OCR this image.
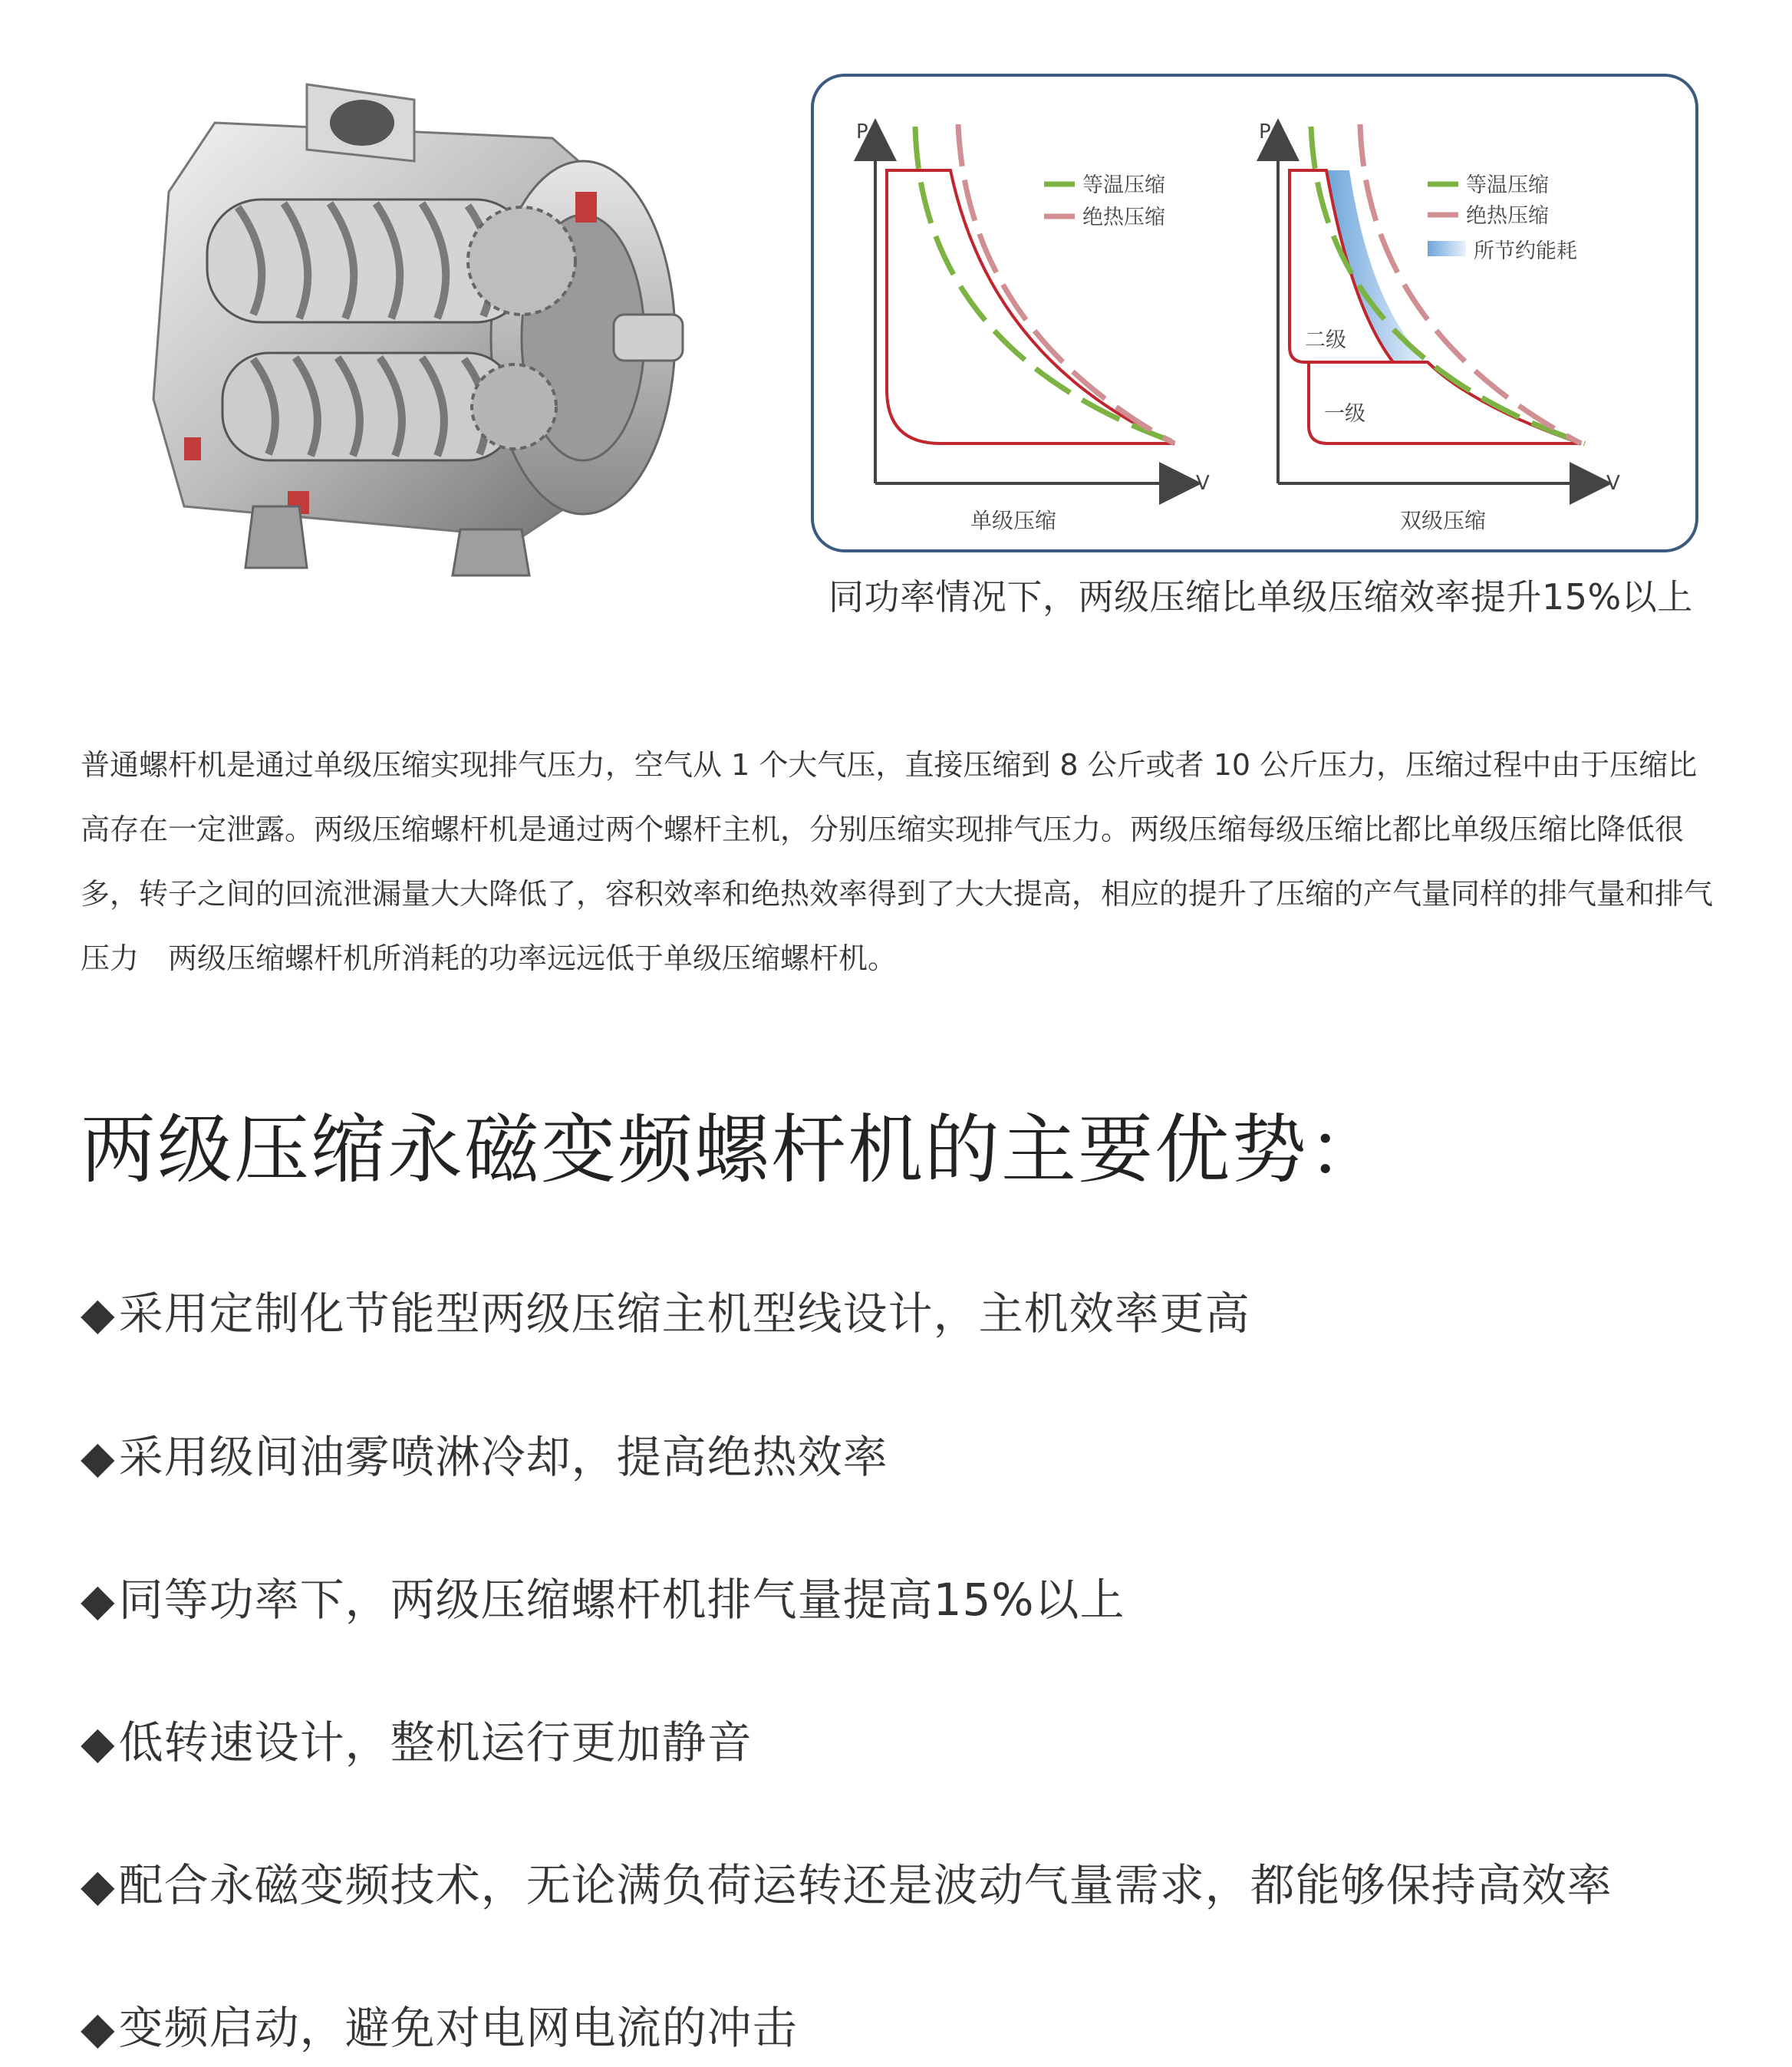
P
V
等温压缩
绝热压缩
单级压缩
P
V
二级
一级
等温压缩
绝热压缩
所节约能耗
双级压缩
同功率情况下，两级压缩比单级压缩效率提升15%以上
普通螺杆机是通过单级压缩实现排气压力，空气从 1 个大气压，直接压缩到 8 公斤或者 10 公斤压力，压缩过程中由于压缩比高存在一定泄露。两级压缩螺杆机是通过两个螺杆主机，分别压缩实现排气压力。两级压缩每级压缩比都比单级压缩比降低很多，转子之间的回流泄漏量大大降低了，容积效率和绝热效率得到了大大提高，相应的提升了压缩的产气量同样的排气量和排气压力　两级压缩螺杆机所消耗的功率远远低于单级压缩螺杆机。
两级压缩永磁变频螺杆机的主要优势：
◆采用定制化节能型两级压缩主机型线设计，主机效率更高
◆采用级间油雾喷淋冷却，提高绝热效率
◆同等功率下，两级压缩螺杆机排气量提高15%以上
◆低转速设计，整机运行更加静音
◆配合永磁变频技术，无论满负荷运转还是波动气量需求，都能够保持高效率
◆变频启动，避免对电网电流的冲击
